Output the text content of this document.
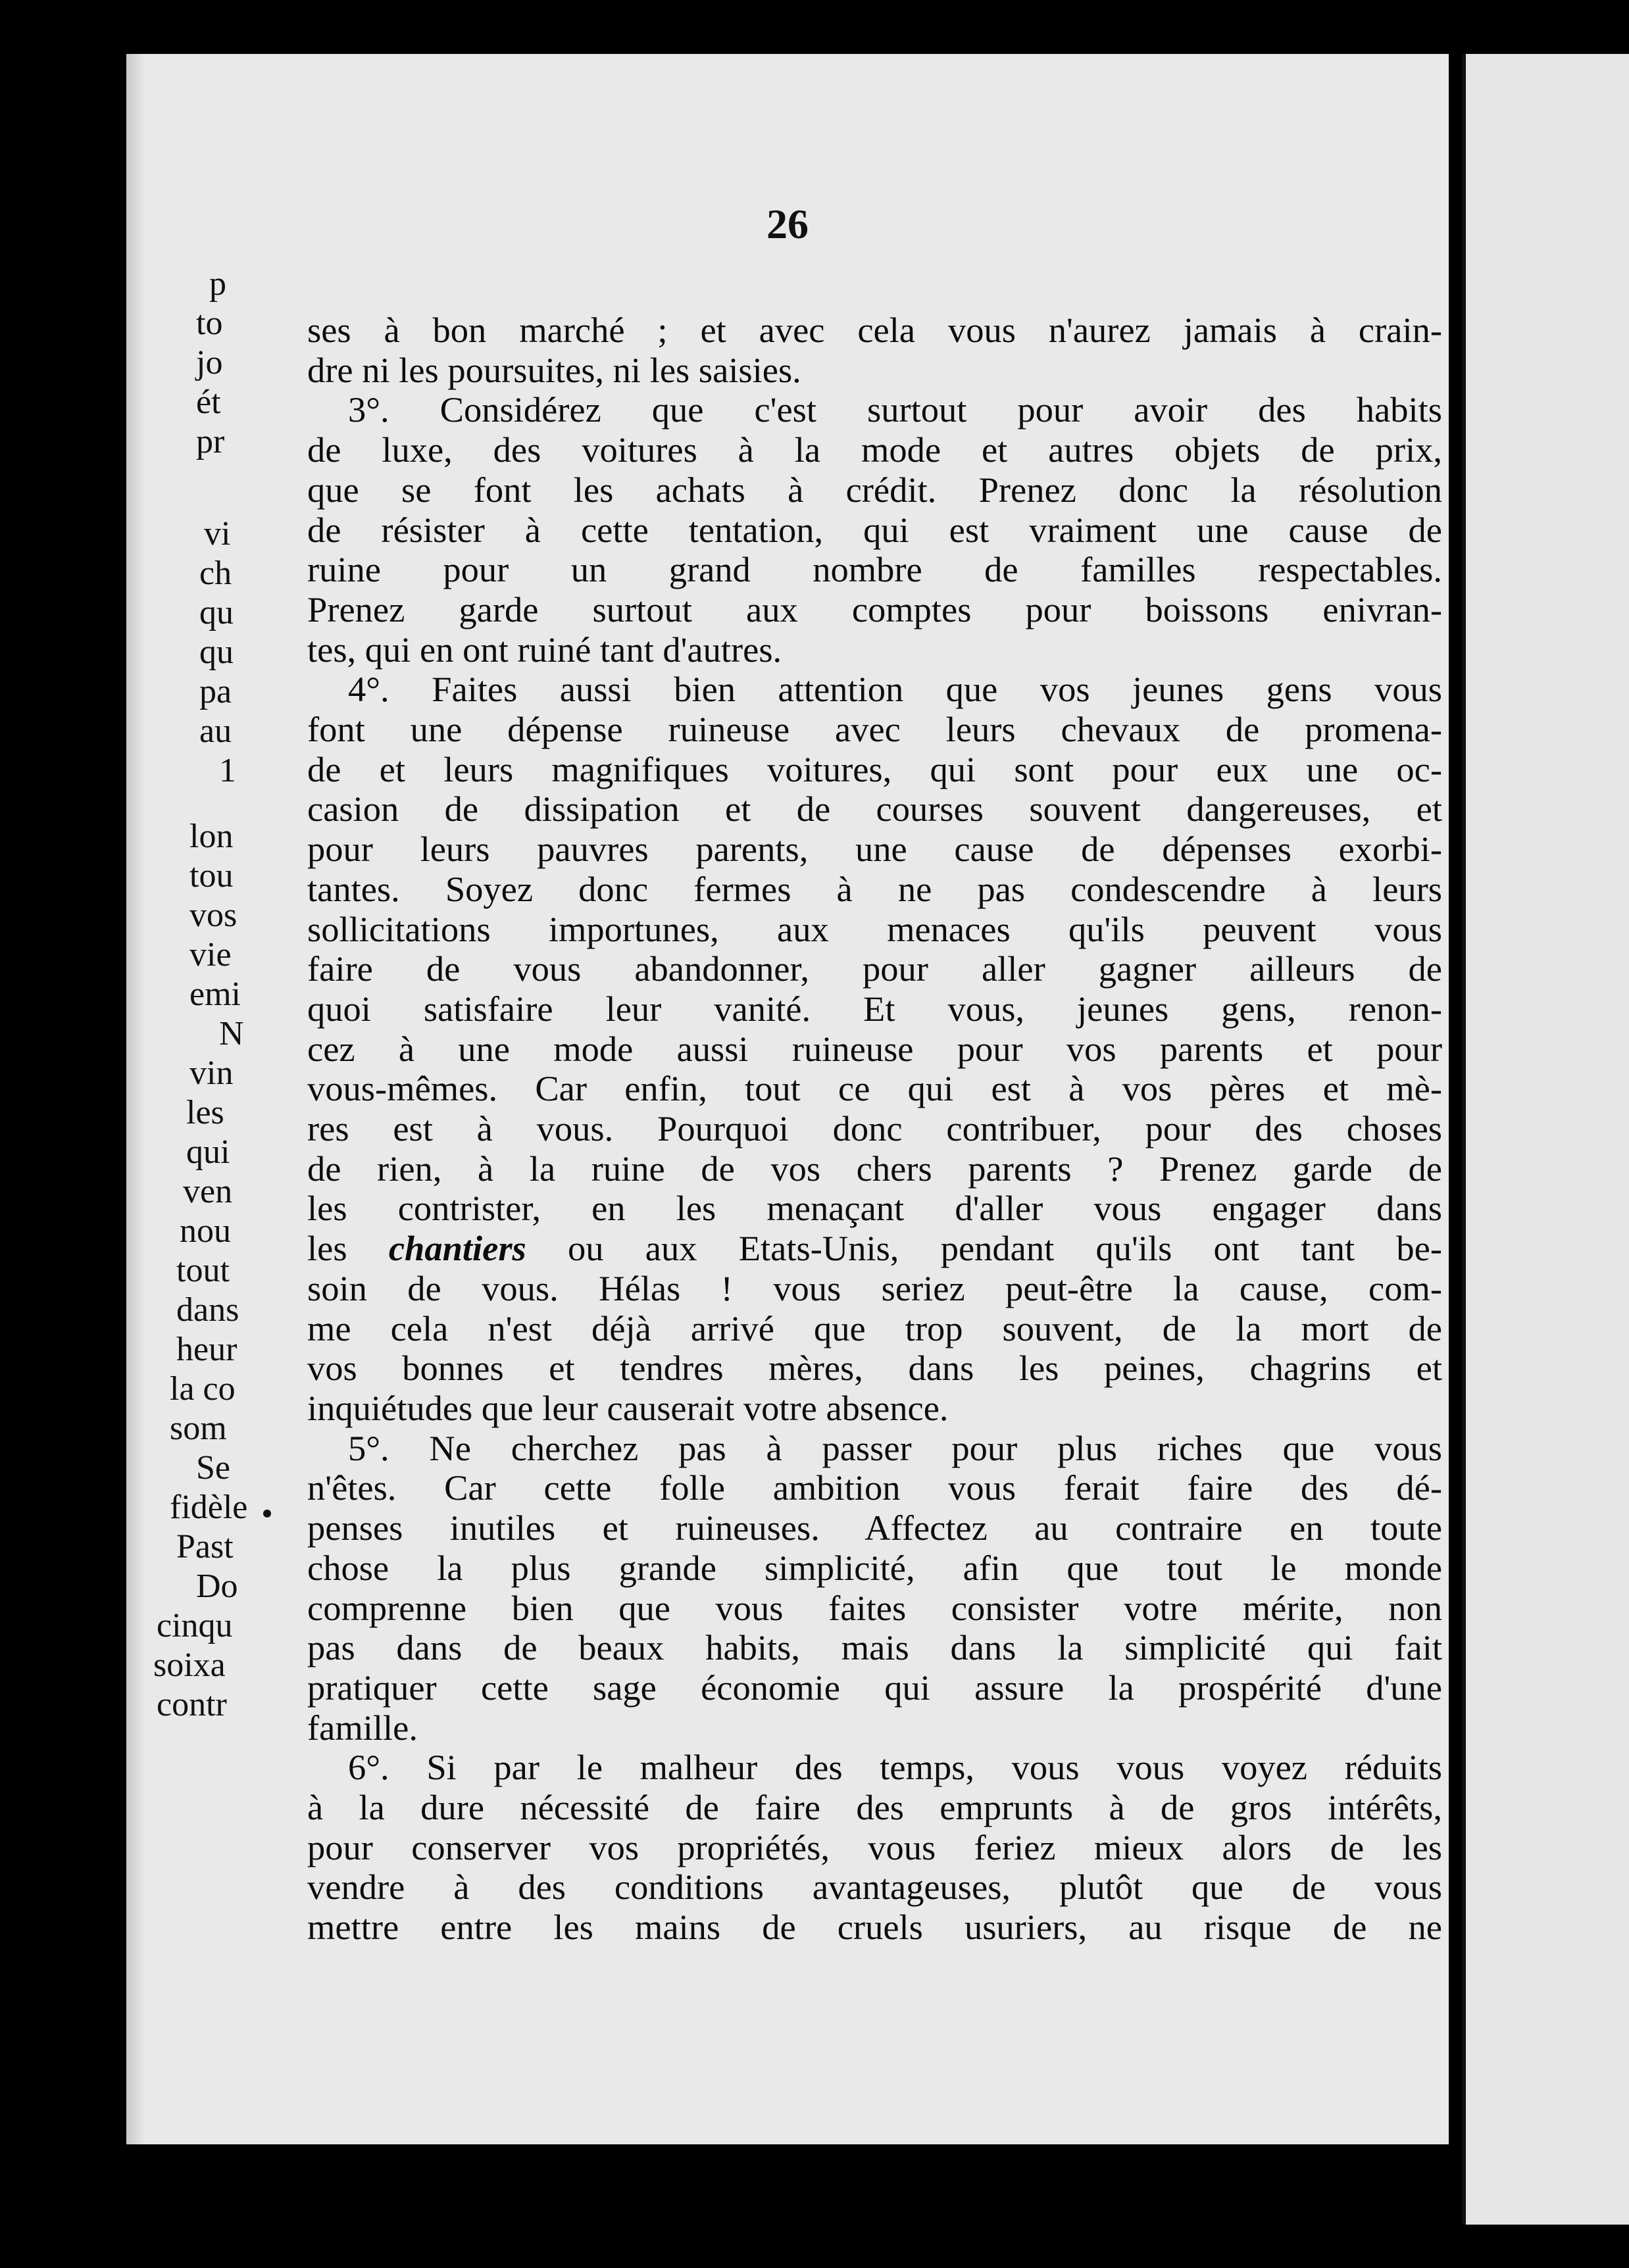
26
ses à bon marché ; et avec cela vous n'aurez jamais à crain-
dre ni les poursuites, ni les saisies.
3°. Considérez que c'est surtout pour avoir des habits
de luxe, des voitures à la mode et autres objets de prix,
que se font les achats à crédit. Prenez donc la résolution
de résister à cette tentation, qui est vraiment une cause de
ruine pour un grand nombre de familles respectables.
Prenez garde surtout aux comptes pour boissons enivran-
tes, qui en ont ruiné tant d'autres.
4°. Faites aussi bien attention que vos jeunes gens vous
font une dépense ruineuse avec leurs chevaux de promena-
de et leurs magnifiques voitures, qui sont pour eux une oc-
casion de dissipation et de courses souvent dangereuses, et
pour leurs pauvres parents, une cause de dépenses exorbi-
tantes. Soyez donc fermes à ne pas condescendre à leurs
sollicitations importunes, aux menaces qu'ils peuvent vous
faire de vous abandonner, pour aller gagner ailleurs de
quoi satisfaire leur vanité. Et vous, jeunes gens, renon-
cez à une mode aussi ruineuse pour vos parents et pour
vous-mêmes. Car enfin, tout ce qui est à vos pères et mè-
res est à vous. Pourquoi donc contribuer, pour des choses
de rien, à la ruine de vos chers parents ? Prenez garde de
les contrister, en les menaçant d'aller vous engager dans
les chantiers ou aux Etats-Unis, pendant qu'ils ont tant be-
soin de vous. Hélas ! vous seriez peut-être la cause, com-
me cela n'est déjà arrivé que trop souvent, de la mort de
vos bonnes et tendres mères, dans les peines, chagrins et
inquiétudes que leur causerait votre absence.
5°. Ne cherchez pas à passer pour plus riches que vous
n'êtes. Car cette folle ambition vous ferait faire des dé-
penses inutiles et ruineuses. Affectez au contraire en toute
chose la plus grande simplicité, afin que tout le monde
comprenne bien que vous faites consister votre mérite, non
pas dans de beaux habits, mais dans la simplicité qui fait
pratiquer cette sage économie qui assure la prospérité d'une
famille.
6°. Si par le malheur des temps, vous vous voyez réduits
à la dure nécessité de faire des emprunts à de gros intérêts,
pour conserver vos propriétés, vous feriez mieux alors de les
vendre à des conditions avantageuses, plutôt que de vous
mettre entre les mains de cruels usuriers, au risque de ne
p
to
jo
ét
pr
vi
ch
qu
qu
pa
au
1
lon
tou
vos
vie
emi
N
vin
les
qui
ven
nou
tout
dans
heur
la co
som
Se
fidèle
Past
Do
cinqu
soixa
contr
